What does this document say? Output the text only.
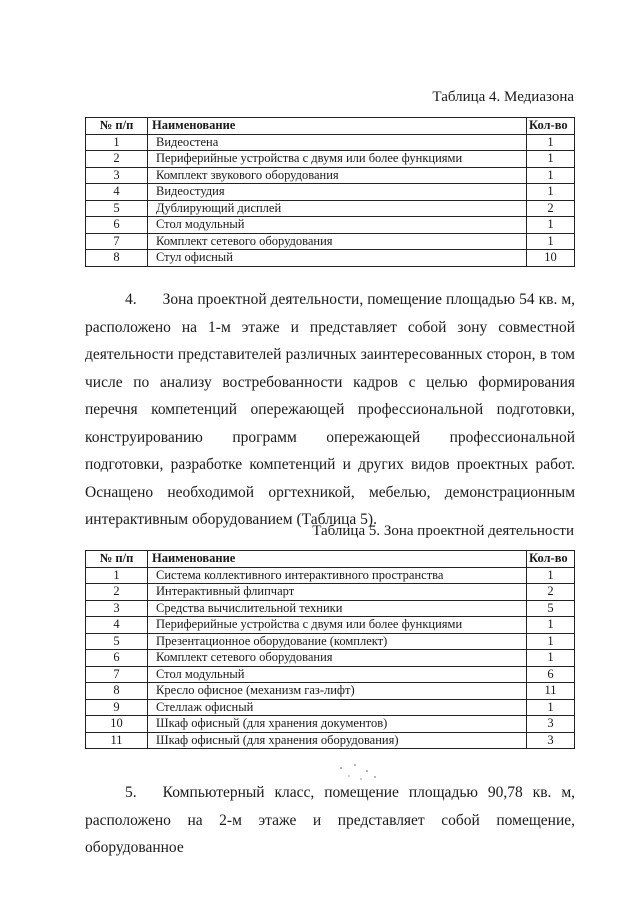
Таблица 4. Медиазона
№ п/п	Наименование	Кол-во
1	Видеостена	1
2	Периферийные устройства с двумя или более функциями	1
3	Комплект звукового оборудования	1
4	Видеостудия	1
5	Дублирующий дисплей	2
6	Стол модульный	1
7	Комплект сетевого оборудования	1
8	Стул офисный	10

4. Зона проектной деятельности, помещение площадью 54 кв. м, расположено на 1-м этаже и представляет собой зону совместной деятельности представителей различных заинтересованных сторон, в том числе по анализу востребованности кадров с целью формирования перечня компетенций опережающей профессиональной подготовки, конструированию программ опережающей профессиональной подготовки, разработке компетенций и других видов проектных работ. Оснащено необходимой оргтехникой, мебелью, демонстрационным интерактивным оборудованием (Таблица 5).

Таблица 5. Зона проектной деятельности
№ п/п	Наименование	Кол-во
1	Система коллективного интерактивного пространства	1
2	Интерактивный флипчарт	2
3	Средства вычислительной техники	5
4	Периферийные устройства с двумя или более функциями	1
5	Презентационное оборудование (комплект)	1
6	Комплект сетевого оборудования	1
7	Стол модульный	6
8	Кресло офисное (механизм газ-лифт)	11
9	Стеллаж офисный	1
10	Шкаф офисный (для хранения документов)	3
11	Шкаф офисный (для хранения оборудования)	3

5. Компьютерный класс, помещение площадью 90,78 кв. м, расположено на 2-м этаже и представляет собой помещение, оборудованное
